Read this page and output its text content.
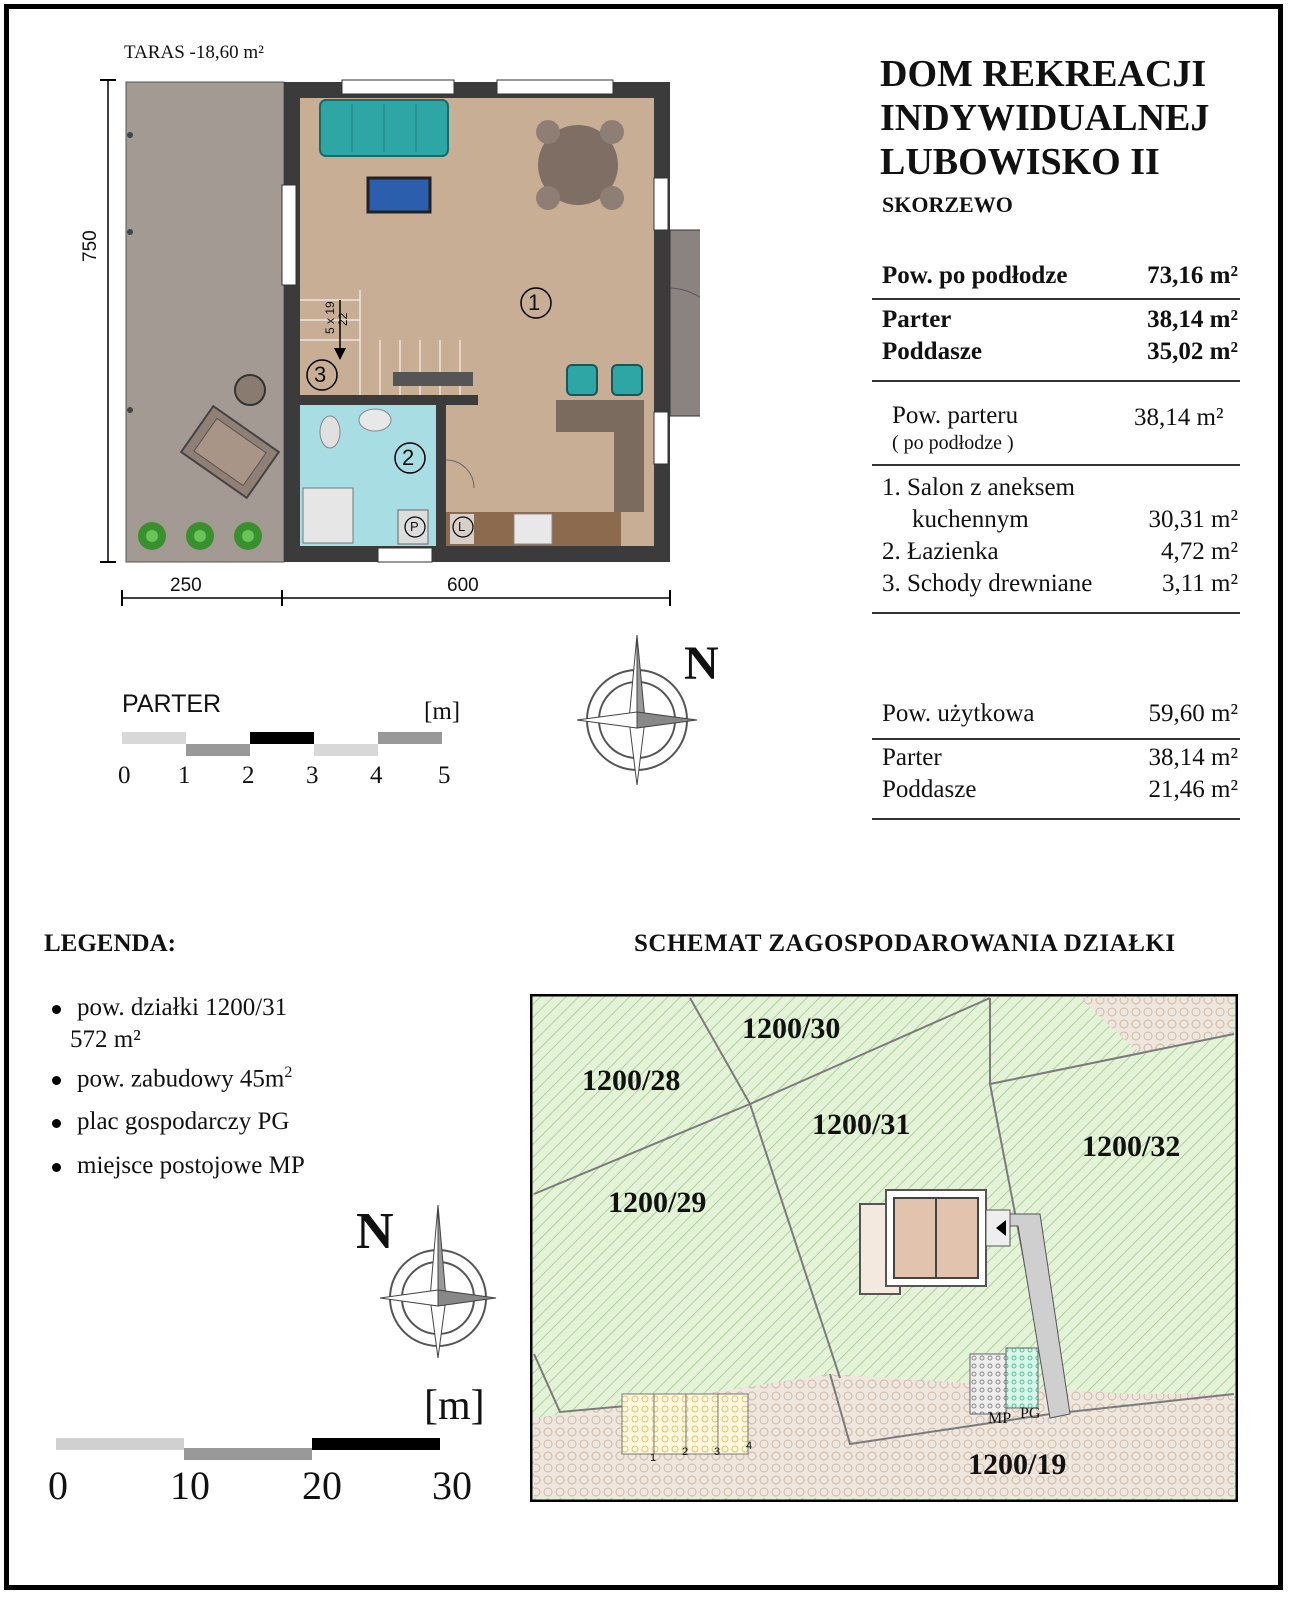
TARAS -18,60 m²
750
250	600
1
2
3
5 x 19 22
P	L
PARTER	[m]
0 1 2 3 4 5
N
DOM REKREACJI
INDYWIDUALNEJ
LUBOWISKO II
SKORZEWO
Pow. po podłodze	73,16 m²
Parter	38,14 m²
Poddasze	35,02 m²
Pow. parteru
( po podłodze )
38,14 m²
1. Salon z aneksem
kuchennym	30,31 m²
2. Łazienka	4,72 m²
3. Schody drewniane	3,11 m²
Pow. użytkowa	59,60 m²
Parter	38,14 m²
Poddasze	21,46 m²
LEGENDA:
pow. działki 1200/31
572 m²
pow. zabudowy $45m^2$
plac gospodarczy PG
miejsce postojowe MP
N
[m]
0	10 20 30
SCHEMAT ZAGOSPODAROWANIA DZIAŁKI
1200/30
1200/28
1200/31
1200/32
1200/29
1200/19
MP PG
1 2 3 4
